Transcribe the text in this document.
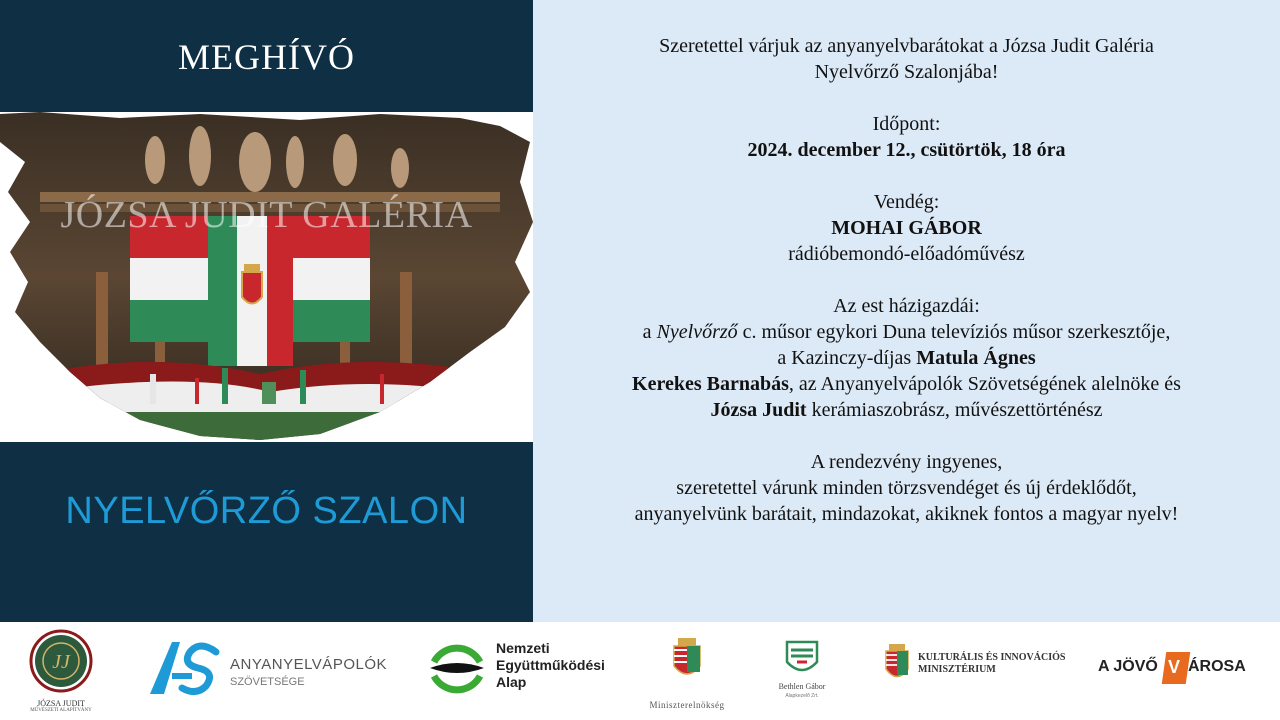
MEGHÍVÓ
JÓZSA JUDIT GALÉRIA
NYELVŐRZŐ SZALON
Szeretettel várjuk az anyanyelvbarátokat a Józsa Judit Galéria
Nyelvőrző Szalonjába!
Időpont:
2024. december 12., csütörtök, 18 óra
Vendég:
MOHAI GÁBOR
rádióbemondó-előadóművész
Az est házigazdái:
a Nyelvőrző c. műsor egykori Duna televíziós műsor szerkesztője,
a Kazinczy-díjas Matula Ágnes
Kerekes Barnabás, az Anyanyelvápolók Szövetségének alelnöke és
Józsa Judit kerámiaszobrász, művészettörténész
A rendezvény ingyenes,
szeretettel várunk minden törzsvendéget és új érdeklődőt,
anyanyelvünk barátait, mindazokat, akiknek fontos a magyar nyelv!
JJ
JÓZSA JUDIT
MŰVÉSZETI ALAPÍTVÁNY
ANYANYELVÁPOLÓK
SZÖVETSÉGE
Nemzeti
Együttműködési
Alap
Miniszterelnökség
Bethlen Gábor
Alapkezelő Zrt.
KULTURÁLIS ÉS INNOVÁCIÓS
MINISZTÉRIUM	A JÖVŐ V ÁROSA
